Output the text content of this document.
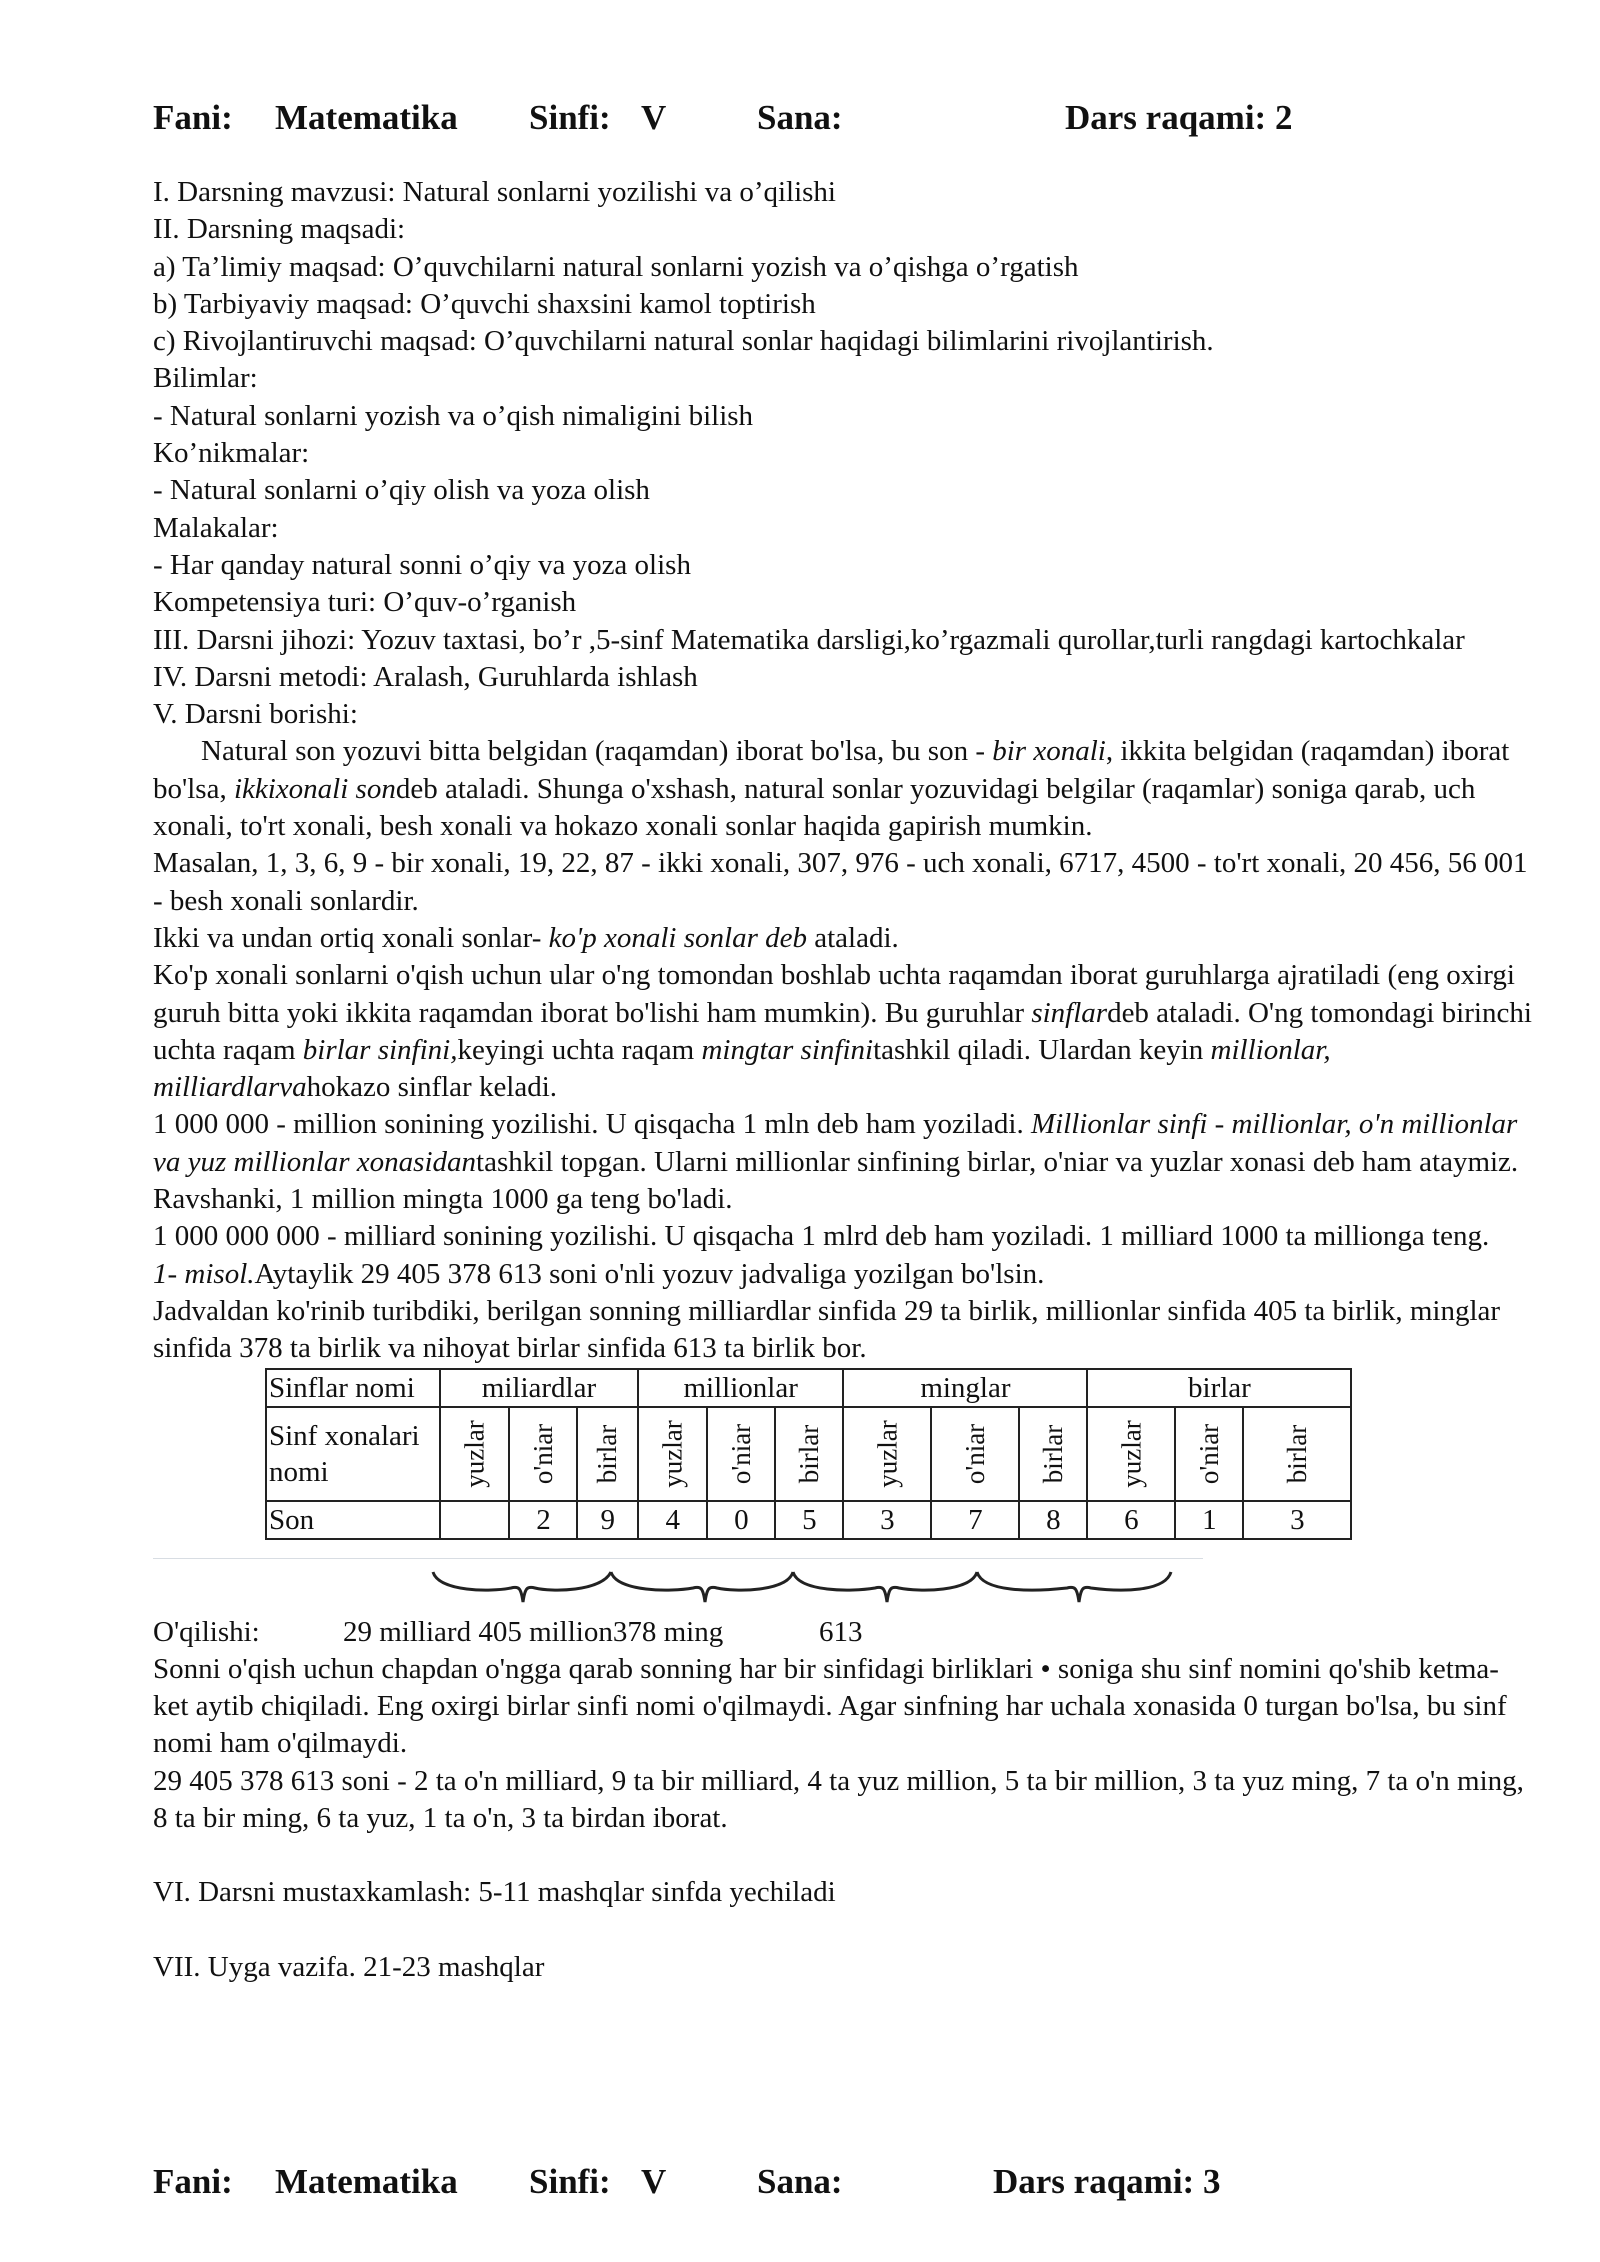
Fani: Matematika Sinfi: V	Sana:	Dars raqami: 2

I. Darsning mavzusi: Natural sonlarni yozilishi va o’qilishi

II. Darsning maqsadi:

a) Ta’limiy maqsad: O’quvchilarni natural sonlarni yozish va o’qishga o’rgatish

b) Tarbiyaviy maqsad: O’quvchi shaxsini kamol toptirish

c) Rivojlantiruvchi maqsad: O’quvchilarni natural sonlar haqidagi bilimlarini rivojlantirish.

Bilimlar:

- Natural sonlarni yozish va o’qish nimaligini bilish

Ko’nikmalar:

- Natural sonlarni o’qiy olish va yoza olish

Malakalar:

- Har qanday natural sonni o’qiy va yoza olish

Kompetensiya turi: O’quv-o’rganish

III. Darsni jihozi: Yozuv taxtasi, bo’r ,5-sinf Matematika darsligi,ko’rgazmali qurollar,turli rangdagi kartochkalar

IV. Darsni metodi: Aralash, Guruhlarda ishlash

V. Darsni borishi:

Natural son yozuvi bitta belgidan (raqamdan) iborat bo'lsa, bu son - bir xonali, ikkita belgidan (raqamdan) iborat bo'lsa, ikkixonali sondeb ataladi. Shunga o'xshash, natural sonlar yozuvidagi belgilar (raqamlar) soniga qarab, uch xonali, to'rt xonali, besh xonali va hokazo xonali sonlar haqida gapirish mumkin.

Masalan, 1, 3, 6, 9 - bir xonali, 19, 22, 87 - ikki xonali, 307, 976 - uch xonali, 6717, 4500 - to'rt xonali, 20 456, 56 001 - besh xonali sonlardir.

Ikki va undan ortiq xonali sonlar- ko'p xonali sonlar deb ataladi.

Ko'p xonali sonlarni o'qish uchun ular o'ng tomondan boshlab uchta raqamdan iborat guruhlarga ajratiladi (eng oxirgi guruh bitta yoki ikkita raqamdan iborat bo'lishi ham mumkin). Bu guruhlar sinflardeb ataladi. O'ng tomondagi birinchi uchta raqam birlar sinfini,keyingi uchta raqam mingtar sinfinitashkil qiladi. Ulardan keyin millionlar, milliardlarvahokazo sinflar keladi.

1 000 000 - million sonining yozilishi. U qisqacha 1 mln deb ham yoziladi. Millionlar sinfi - millionlar, o'n millionlar va yuz millionlar xonasidantashkil topgan. Ularni millionlar sinfining birlar, o'niar va yuzlar xonasi deb ham ataymiz. Ravshanki, 1 million mingta 1000 ga teng bo'ladi.

1 000 000 000 - milliard sonining yozilishi. U qisqacha 1 mlrd deb ham yoziladi. 1 milliard 1000 ta millionga teng.

1- misol.Aytaylik 29 405 378 613 soni o'nli yozuv jadvaliga yozilgan bo'lsin.

Jadvaldan ko'rinib turibdiki, berilgan sonning milliardlar sinfida 29 ta birlik, millionlar sinfida 405 ta birlik, minglar sinfida 378 ta birlik va nihoyat birlar sinfida 613 ta birlik bor.

Sinflar nomi	miliardlar			millionlar			minglar			birlar		
Sinf xonalari nomi	yuzlar	o'niar	birlar	yuzlar	o'niar	birlar	yuzlar	o'niar	birlar	yuzlar	o'niar	birlar
Son		2	9	4	0	5	3	7	8	6	1	3

O'qilishi:	29 milliard 405 million378 ming	613

Sonni o'qish uchun chapdan o'ngga qarab sonning har bir sinfidagi birliklari • soniga shu sinf nomini qo'shib ketma-ket aytib chiqiladi. Eng oxirgi birlar sinfi nomi o'qilmaydi. Agar sinfning har uchala xonasida 0 turgan bo'lsa, bu sinf nomi ham o'qilmaydi.

29 405 378 613 soni - 2 ta o'n milliard, 9 ta bir milliard, 4 ta yuz million, 5 ta bir million, 3 ta yuz ming, 7 ta o'n ming, 8 ta bir ming, 6 ta yuz, 1 ta o'n, 3 ta birdan iborat.

VI. Darsni mustaxkamlash: 5-11 mashqlar sinfda yechiladi

VII. Uyga vazifa. 21-23 mashqlar

Fani: Matematika Sinfi: V	Sana:	Dars raqami: 3
